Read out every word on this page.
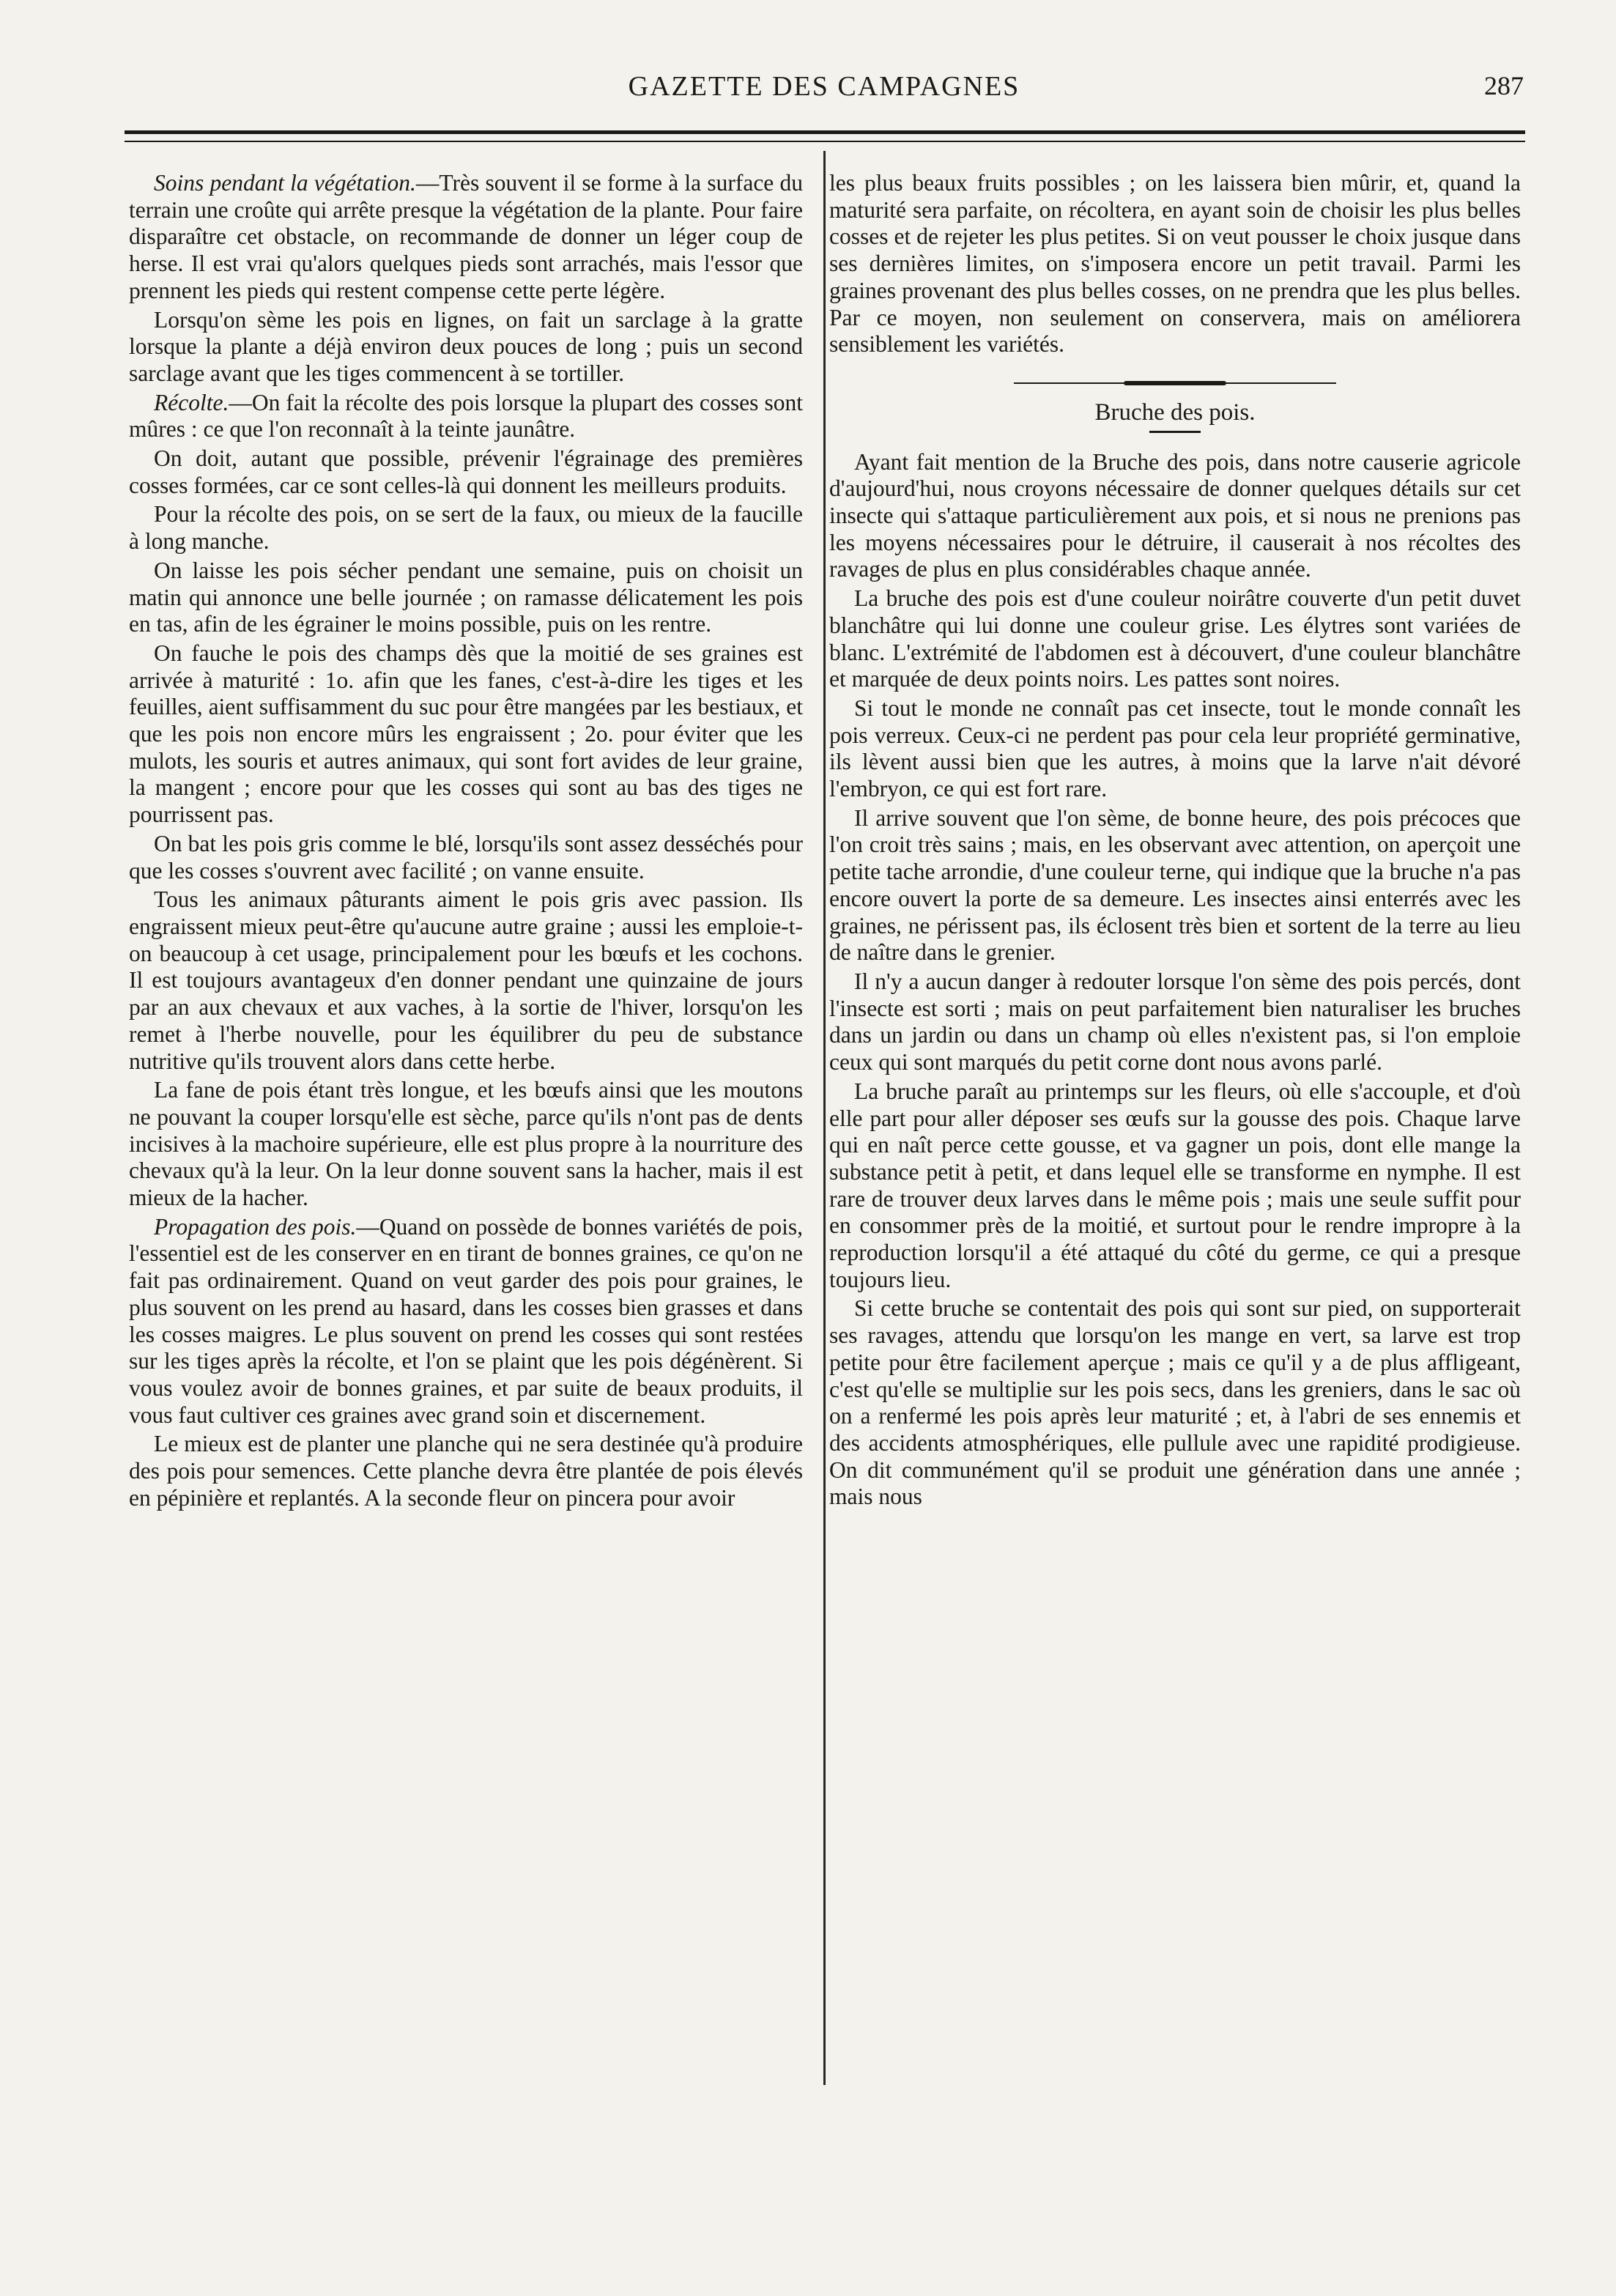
GAZETTE DES CAMPAGNES	287

Soins pendant la végétation.—Très souvent il se forme à la surface du terrain une croûte qui arrête presque la végétation de la plante. Pour faire disparaître cet obstacle, on recommande de donner un léger coup de herse. Il est vrai qu'alors quelques pieds sont arrachés, mais l'essor que prennent les pieds qui restent compense cette perte légère.

Lorsqu'on sème les pois en lignes, on fait un sarclage à la gratte lorsque la plante a déjà environ deux pouces de long ; puis un second sarclage avant que les tiges commencent à se tortiller.

Récolte.—On fait la récolte des pois lorsque la plupart des cosses sont mûres : ce que l'on reconnaît à la teinte jaunâtre.

On doit, autant que possible, prévenir l'égrainage des premières cosses formées, car ce sont celles-là qui donnent les meilleurs produits.

Pour la récolte des pois, on se sert de la faux, ou mieux de la faucille à long manche.

On laisse les pois sécher pendant une semaine, puis on choisit un matin qui annonce une belle journée ; on ramasse délicatement les pois en tas, afin de les égrainer le moins possible, puis on les rentre.

On fauche le pois des champs dès que la moitié de ses graines est arrivée à maturité : 1o. afin que les fanes, c'est-à-dire les tiges et les feuilles, aient suffisamment du suc pour être mangées par les bestiaux, et que les pois non encore mûrs les engraissent ; 2o. pour éviter que les mulots, les souris et autres animaux, qui sont fort avides de leur graine, la mangent ; encore pour que les cosses qui sont au bas des tiges ne pourrissent pas.

On bat les pois gris comme le blé, lorsqu'ils sont assez desséchés pour que les cosses s'ouvrent avec facilité ; on vanne ensuite.

Tous les animaux pâturants aiment le pois gris avec passion. Ils engraissent mieux peut-être qu'aucune autre graine ; aussi les emploie-t-on beaucoup à cet usage, principalement pour les bœufs et les cochons. Il est toujours avantageux d'en donner pendant une quinzaine de jours par an aux chevaux et aux vaches, à la sortie de l'hiver, lorsqu'on les remet à l'herbe nouvelle, pour les équilibrer du peu de substance nutritive qu'ils trouvent alors dans cette herbe.

La fane de pois étant très longue, et les bœufs ainsi que les moutons ne pouvant la couper lorsqu'elle est sèche, parce qu'ils n'ont pas de dents incisives à la machoire supérieure, elle est plus propre à la nourriture des chevaux qu'à la leur. On la leur donne souvent sans la hacher, mais il est mieux de la hacher.

Propagation des pois.—Quand on possède de bonnes variétés de pois, l'essentiel est de les conserver en en tirant de bonnes graines, ce qu'on ne fait pas ordinairement. Quand on veut garder des pois pour graines, le plus souvent on les prend au hasard, dans les cosses bien grasses et dans les cosses maigres. Le plus souvent on prend les cosses qui sont restées sur les tiges après la récolte, et l'on se plaint que les pois dégénèrent. Si vous voulez avoir de bonnes graines, et par suite de beaux produits, il vous faut cultiver ces graines avec grand soin et discernement.

Le mieux est de planter une planche qui ne sera destinée qu'à produire des pois pour semences. Cette planche devra être plantée de pois élevés en pépinière et replantés. A la seconde fleur on pincera pour avoir

les plus beaux fruits possibles ; on les laissera bien mûrir, et, quand la maturité sera parfaite, on récoltera, en ayant soin de choisir les plus belles cosses et de rejeter les plus petites. Si on veut pousser le choix jusque dans ses dernières limites, on s'imposera encore un petit travail. Parmi les graines provenant des plus belles cosses, on ne prendra que les plus belles. Par ce moyen, non seulement on conservera, mais on améliorera sensiblement les variétés.

Bruche des pois.

Ayant fait mention de la Bruche des pois, dans notre causerie agricole d'aujourd'hui, nous croyons nécessaire de donner quelques détails sur cet insecte qui s'attaque particulièrement aux pois, et si nous ne prenions pas les moyens nécessaires pour le détruire, il causerait à nos récoltes des ravages de plus en plus considérables chaque année.

La bruche des pois est d'une couleur noirâtre couverte d'un petit duvet blanchâtre qui lui donne une couleur grise. Les élytres sont variées de blanc. L'extrémité de l'abdomen est à découvert, d'une couleur blanchâtre et marquée de deux points noirs. Les pattes sont noires.

Si tout le monde ne connaît pas cet insecte, tout le monde connaît les pois verreux. Ceux-ci ne perdent pas pour cela leur propriété germinative, ils lèvent aussi bien que les autres, à moins que la larve n'ait dévoré l'embryon, ce qui est fort rare.

Il arrive souvent que l'on sème, de bonne heure, des pois précoces que l'on croit très sains ; mais, en les observant avec attention, on aperçoit une petite tache arrondie, d'une couleur terne, qui indique que la bruche n'a pas encore ouvert la porte de sa demeure. Les insectes ainsi enterrés avec les graines, ne périssent pas, ils éclosent très bien et sortent de la terre au lieu de naître dans le grenier.

Il n'y a aucun danger à redouter lorsque l'on sème des pois percés, dont l'insecte est sorti ; mais on peut parfaitement bien naturaliser les bruches dans un jardin ou dans un champ où elles n'existent pas, si l'on emploie ceux qui sont marqués du petit corne dont nous avons parlé.

La bruche paraît au printemps sur les fleurs, où elle s'accouple, et d'où elle part pour aller déposer ses œufs sur la gousse des pois. Chaque larve qui en naît perce cette gousse, et va gagner un pois, dont elle mange la substance petit à petit, et dans lequel elle se transforme en nymphe. Il est rare de trouver deux larves dans le même pois ; mais une seule suffit pour en consommer près de la moitié, et surtout pour le rendre impropre à la reproduction lorsqu'il a été attaqué du côté du germe, ce qui a presque toujours lieu.

Si cette bruche se contentait des pois qui sont sur pied, on supporterait ses ravages, attendu que lorsqu'on les mange en vert, sa larve est trop petite pour être facilement aperçue ; mais ce qu'il y a de plus affligeant, c'est qu'elle se multiplie sur les pois secs, dans les greniers, dans le sac où on a renfermé les pois après leur maturité ; et, à l'abri de ses ennemis et des accidents atmosphériques, elle pullule avec une rapidité prodigieuse. On dit communément qu'il se produit une génération dans une année ; mais nous
